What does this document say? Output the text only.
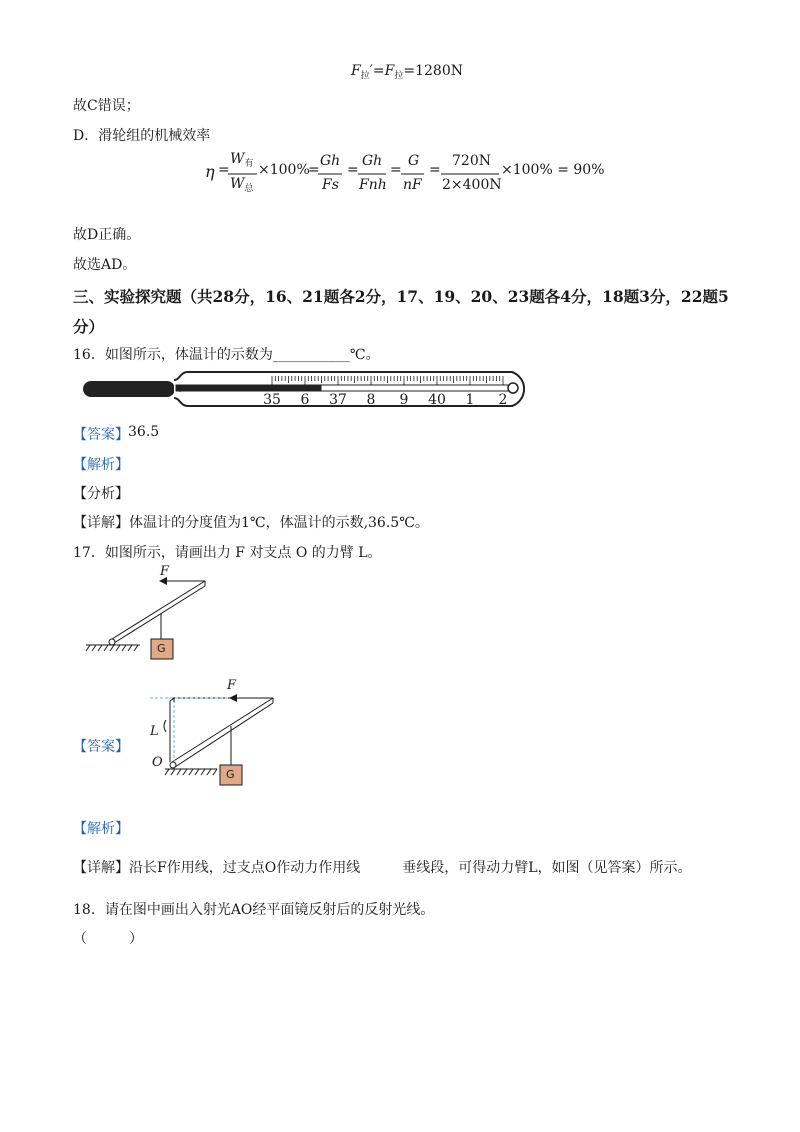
$F_拉'=F_拉=1280N$
故C错误；
D．滑轮组的机械效率
η =
$W_有$
$W_总$
×100%
=
Gh
Fs
=
Gh
Fnh
=
G
nF
=
720N
2×400N
×100% = 90%
故D正确。
故选AD。
三、实验探究题（共28分，16、21题各2分，17、19、20、23题各4分，18题3分，22题5
分）
16．如图所示，体温计的示数为___________℃。
35 6 37 8 9 40 1 2
【答案】 36.5
【解析】
【分析】
【详解】体温计的分度值为1℃，体温计的示数,36.5℃。
17．如图所示，请画出力 F 对支点 O 的力臂 L。
F
G
【答案】
F
L
O
G
【解析】
【详解】沿长F作用线，过支点O作动力作用线　　　垂线段，可得动力臂L，如图（见答案）所示。
18．请在图中画出入射光AO经平面镜反射后的反射光线。
（　　　）
